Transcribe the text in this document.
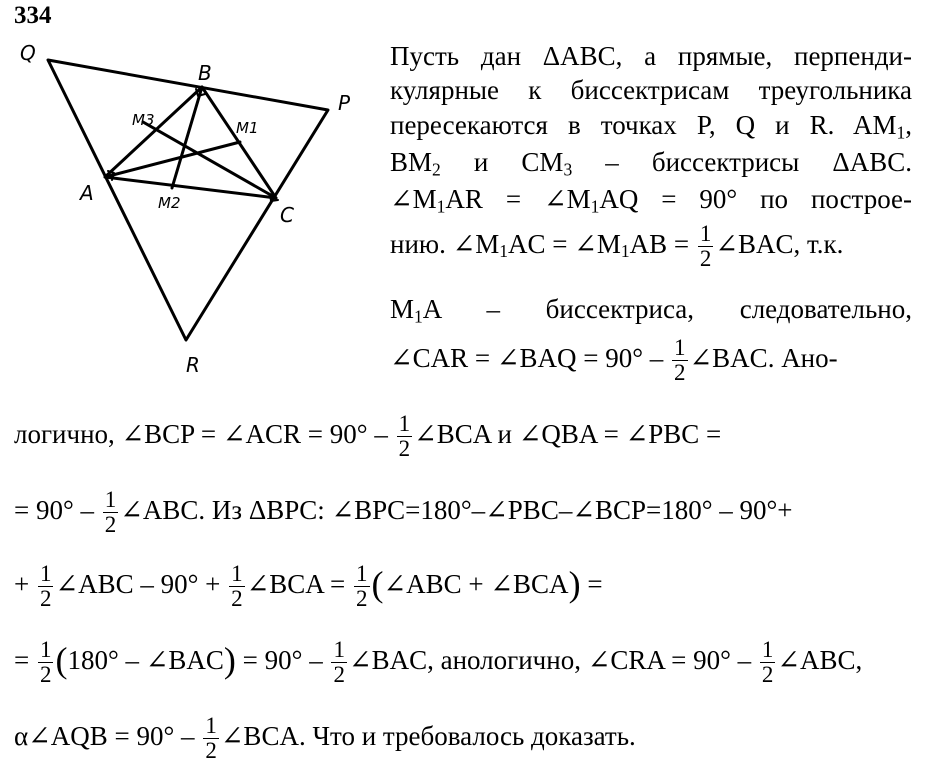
334
Q
B
P
M3	M1
A
C
M2
R
Пусть дан ΔABC, а прямые, перпенди-
кулярные к биссектрисам треугольника
пересекаются в точках P, Q и R. $AM_1$,
$BM_2$ и $CM_3$ – биссектрисы ΔABC.
$\angle M_1AR$ = $\angle M_1AQ = 90^\circ$ по построе-
нию. $\angle M_1AC$ = $\angle M_1AB = \frac{1}{2}$ ∠BAC, т.к.
$M_1A$ – биссектриса, следовательно,
∠CAR = ∠BAQ = $90^\circ - \frac{1}{2}$ ∠BAC. Ано-
логично, ∠BCP = ∠ACR = $90^\circ - \frac{1}{2}$ ∠BCA и ∠QBA = ∠PBC =
= $90^\circ - \frac{1}{2}$ ∠ABC. Из ΔBPC: ∠BPC=180°–∠PBC–∠BCP=180° – 90°+
+ $\frac{1}{2}$ ∠ABC – $90^\circ + \frac{1}{2}$ ∠BCA = $\frac{1}{2}$ (∠ABC + ∠BCA) =
= $\frac{1}{2} (180^\circ$ – ∠BAC) = $90^\circ - \frac{1}{2}$ ∠BAC, анологично, ∠CRA = $90^\circ - \frac{1}{2}$ ∠ABC,
α∠AQB = $90^\circ - \frac{1}{2}$ ∠BCA. Что и требовалось доказать.
